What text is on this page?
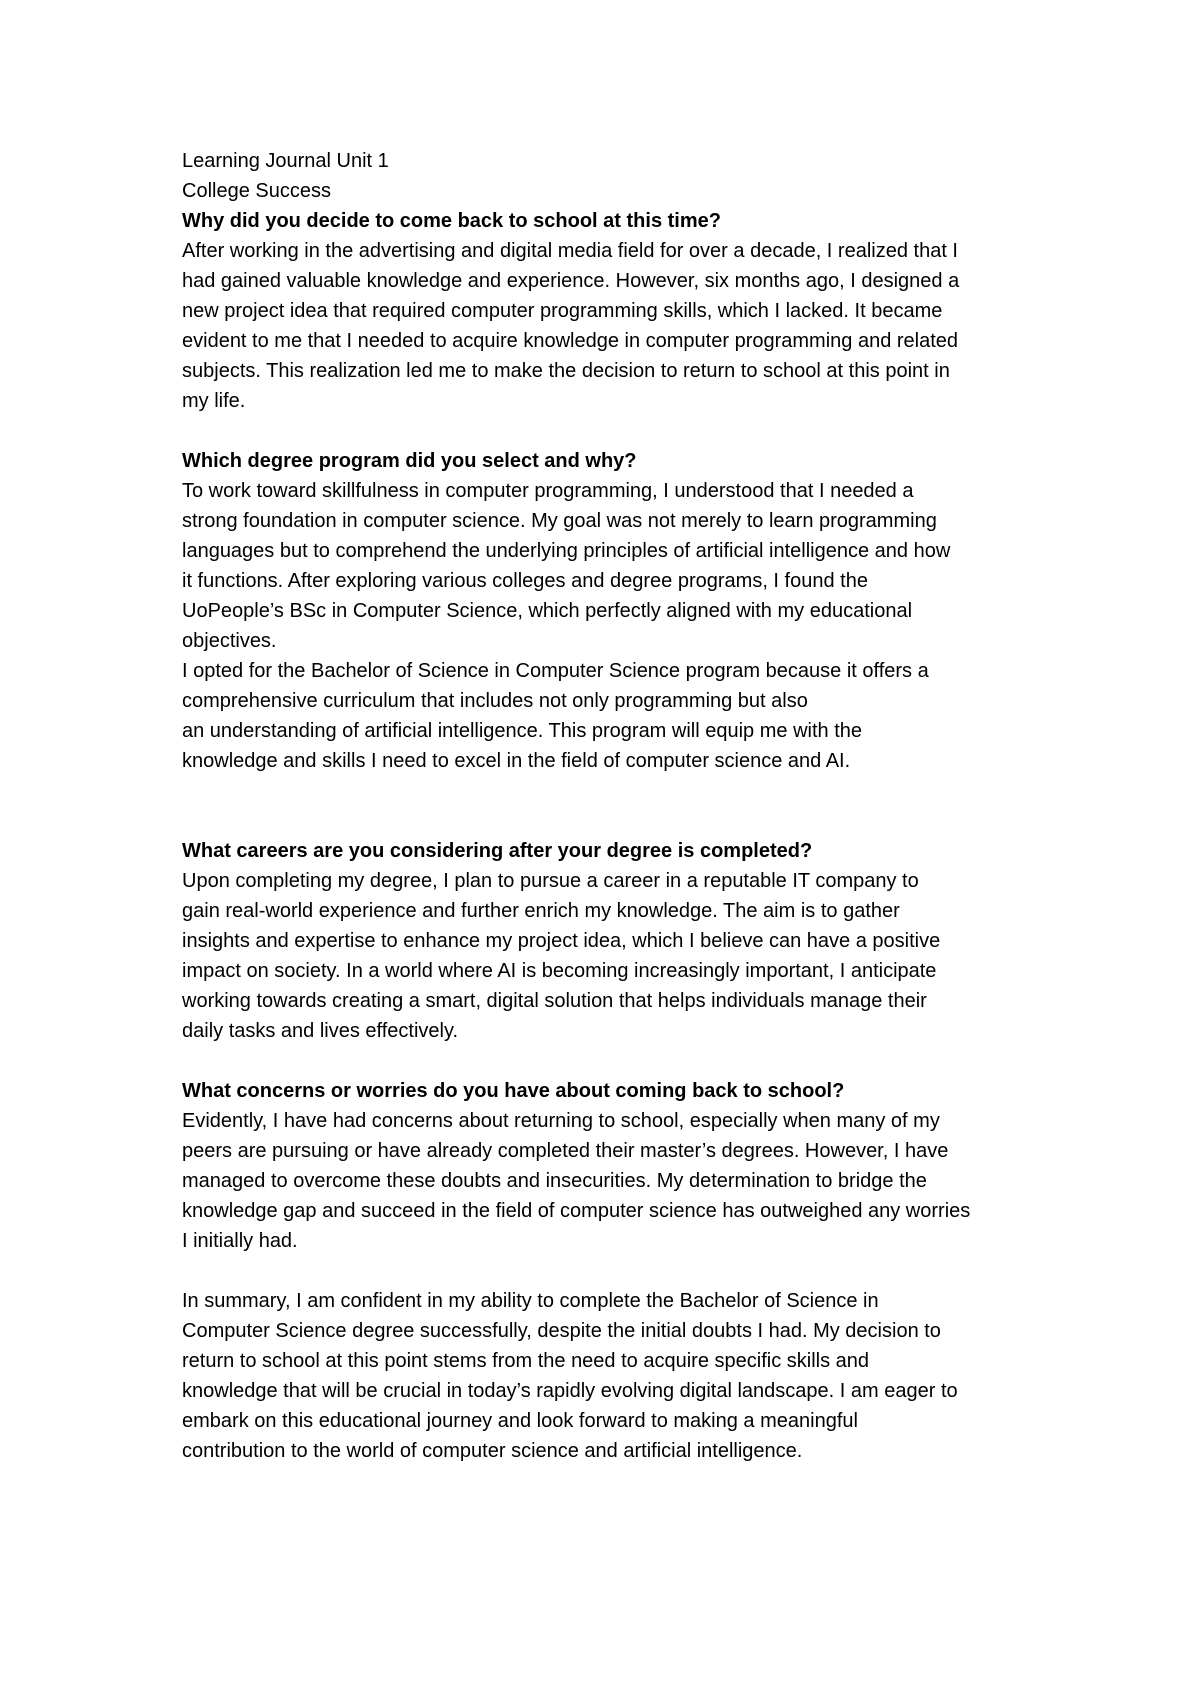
Learning Journal Unit 1

College Success

Why did you decide to come back to school at this time?

After working in the advertising and digital media field for over a decade, I realized that I

had gained valuable knowledge and experience. However, six months ago, I designed a

new project idea that required computer programming skills, which I lacked. It became

evident to me that I needed to acquire knowledge in computer programming and related

subjects. This realization led me to make the decision to return to school at this point in

my life.

Which degree program did you select and why?

To work toward skillfulness in computer programming, I understood that I needed a

strong foundation in computer science. My goal was not merely to learn programming

languages but to comprehend the underlying principles of artificial intelligence and how

it functions. After exploring various colleges and degree programs, I found the

UoPeople’s BSc in Computer Science, which perfectly aligned with my educational

objectives.

I opted for the Bachelor of Science in Computer Science program because it offers a

comprehensive curriculum that includes not only programming but also

an understanding of artificial intelligence. This program will equip me with the

knowledge and skills I need to excel in the field of computer science and AI.

What careers are you considering after your degree is completed?

Upon completing my degree, I plan to pursue a career in a reputable IT company to

gain real-world experience and further enrich my knowledge. The aim is to gather

insights and expertise to enhance my project idea, which I believe can have a positive

impact on society. In a world where AI is becoming increasingly important, I anticipate

working towards creating a smart, digital solution that helps individuals manage their

daily tasks and lives effectively.

What concerns or worries do you have about coming back to school?

Evidently, I have had concerns about returning to school, especially when many of my

peers are pursuing or have already completed their master’s degrees. However, I have

managed to overcome these doubts and insecurities. My determination to bridge the

knowledge gap and succeed in the field of computer science has outweighed any worries

I initially had.

In summary, I am confident in my ability to complete the Bachelor of Science in

Computer Science degree successfully, despite the initial doubts I had. My decision to

return to school at this point stems from the need to acquire specific skills and

knowledge that will be crucial in today’s rapidly evolving digital landscape. I am eager to

embark on this educational journey and look forward to making a meaningful

contribution to the world of computer science and artificial intelligence.
